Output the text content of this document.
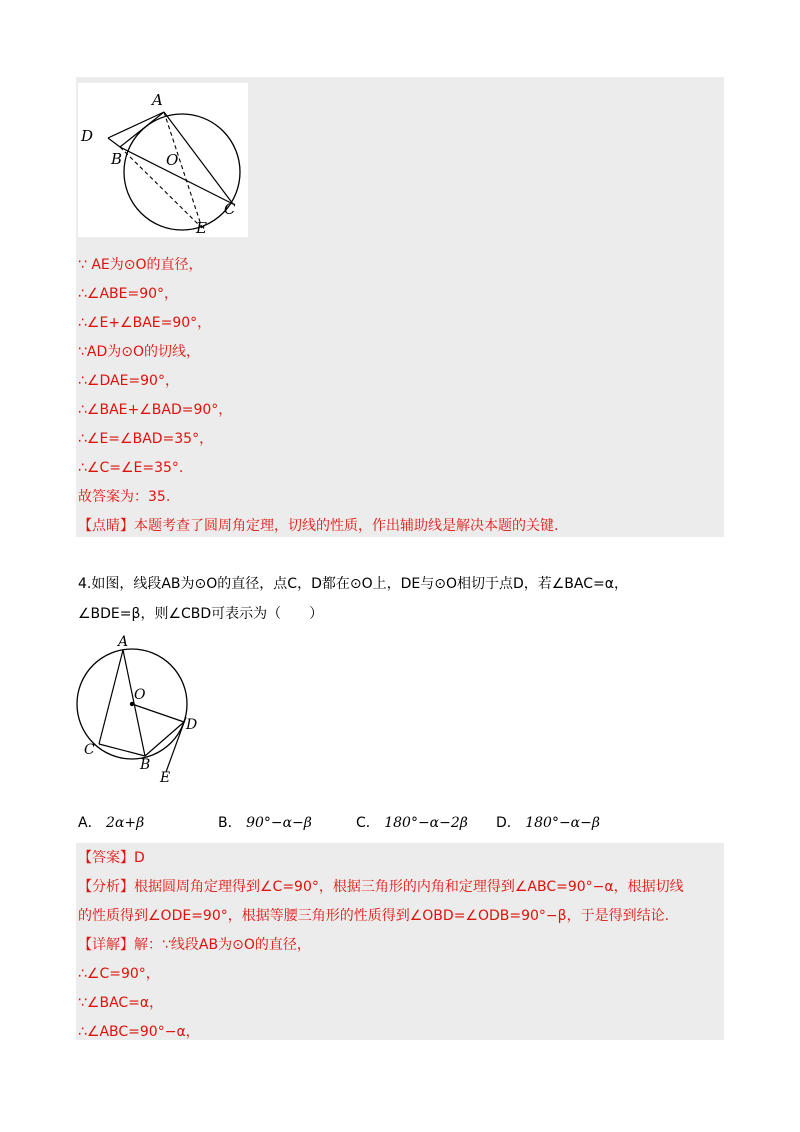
A
D
B	O
C
E
∵ AE为⊙O的直径，
∴∠ABE=90°，
∴∠E+∠BAE=90°，
∵AD为⊙O的切线，
∴∠DAE=90°，
∴∠BAE+∠BAD=90°，
∴∠E=∠BAD=35°，
∴∠C=∠E=35°.
故答案为：35.
【点睛】本题考查了圆周角定理，切线的性质，作出辅助线是解决本题的关键.
4.如图，线段AB为⊙O的直径，点C，D都在⊙O上，DE与⊙O相切于点D，若∠BAC=α，
∠BDE=β，则∠CBD可表示为（　　）
A
O
D
C
B
E
A． 2α+β	B． 90°−α−β	C． 180°−α−2β D． 180°−α−β
【答案】D
【分析】根据圆周角定理得到∠C=90°，根据三角形的内角和定理得到∠ABC=90°−α，根据切线
的性质得到∠ODE=90°，根据等腰三角形的性质得到∠OBD=∠ODB=90°−β，于是得到结论.
【详解】解：∵线段AB为⊙O的直径，
∴∠C=90°，
∵∠BAC=α，
∴∠ABC=90°−α，
